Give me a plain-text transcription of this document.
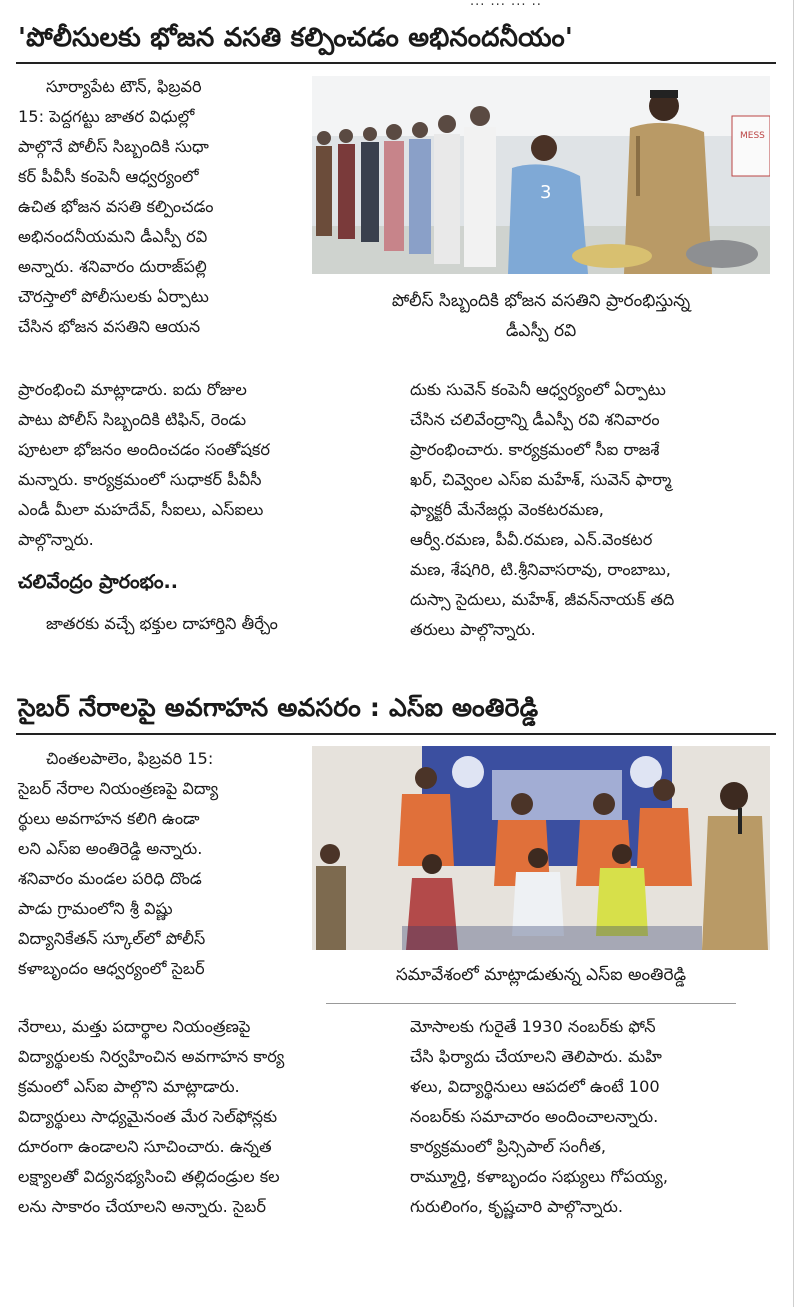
... ... ... ..
'పోలీసులకు భోజన వసతి కల్పించడం అభినందనీయం'

సూర్యాపేట టౌన్, ఫిబ్రవరి

15: పెద్దగట్టు జాతర విధుల్లో

పాల్గొనే పోలీస్ సిబ్బందికి సుధా

కర్ పీవీసీ కంపెనీ ఆధ్వర్యంలో

ఉచిత భోజన వసతి కల్పించడం

అభినందనీయమని డీఎస్పీ రవి

అన్నారు. శనివారం దురాజ్‌పల్లి

చౌరస్తాలో పోలీసులకు ఏర్పాటు

చేసిన భోజన వసతిని ఆయన

MESS
3
పోలీస్ సిబ్బందికి భోజన వసతిని ప్రారంభిస్తున్న
డీఎస్పీ రవి

ప్రారంభించి మాట్లాడారు. ఐదు రోజుల

పాటు పోలీస్ సిబ్బందికి టిఫిన్, రెండు

పూటలా భోజనం అందించడం సంతోషకర

మన్నారు. కార్యక్రమంలో సుధాకర్ పీవీసీ

ఎండీ మీలా మహదేవ్, సీఐలు, ఎస్ఐలు

పాల్గొన్నారు.

చలివేంద్రం ప్రారంభం..

జాతరకు వచ్చే భక్తుల దాహార్తిని తీర్చేం

దుకు సువెన్ కంపెనీ ఆధ్వర్యంలో ఏర్పాటు

చేసిన చలివేంద్రాన్ని డీఎస్పీ రవి శనివారం

ప్రారంభించారు. కార్యక్రమంలో సీఐ రాజశే

ఖర్, చివ్వెంల ఎస్ఐ మహేశ్, సువెన్ ఫార్మా

ఫ్యాక్టరీ మేనేజర్లు వెంకటరమణ,

ఆర్వీ.రమణ, పీవీ.రమణ, ఎన్.వెంకటర

మణ, శేషగిరి, టి.శ్రీనివాసరావు, రాంబాబు,

దుస్సా సైదులు, మహేశ్, జీవన్‌నాయక్ తది

తరులు పాల్గొన్నారు.

సైబర్ నేరాలపై అవగాహన అవసరం : ఎస్ఐ అంతిరెడ్డి

చింతలపాలెం, ఫిబ్రవరి 15:

సైబర్ నేరాల నియంత్రణపై విద్యా

ర్థులు అవగాహన కలిగి ఉండా

లని ఎస్ఐ అంతిరెడ్డి అన్నారు.

శనివారం మండల పరిధి దొండ

పాడు గ్రామంలోని శ్రీ విష్ణు

విద్యానికేతన్ స్కూల్‌లో పోలీస్

కళాబృందం ఆధ్వర్యంలో సైబర్	సమావేశంలో మాట్లాడుతున్న ఎస్ఐ అంతిరెడ్డి

నేరాలు, మత్తు పదార్థాల నియంత్రణపై

విద్యార్థులకు నిర్వహించిన అవగాహన కార్య

క్రమంలో ఎస్ఐ పాల్గొని మాట్లాడారు.

విద్యార్థులు సాధ్యమైనంత మేర సెల్‌ఫోన్లకు

దూరంగా ఉండాలని సూచించారు. ఉన్నత

లక్ష్యాలతో విద్యనభ్యసించి తల్లిదండ్రుల కల

లను సాకారం చేయాలని అన్నారు. సైబర్

మోసాలకు గురైతే 1930 నంబర్‌కు ఫోన్

చేసి ఫిర్యాదు చేయాలని తెలిపారు. మహి

ళలు, విద్యార్థినులు ఆపదలో ఉంటే 100

నంబర్‌కు సమాచారం అందించాలన్నారు.

కార్యక్రమంలో ప్రిన్సిపాల్ సంగీత,

రామ్మూర్తి, కళాబృందం సభ్యులు గోపయ్య,

గురులింగం, కృష్ణచారి పాల్గొన్నారు.
